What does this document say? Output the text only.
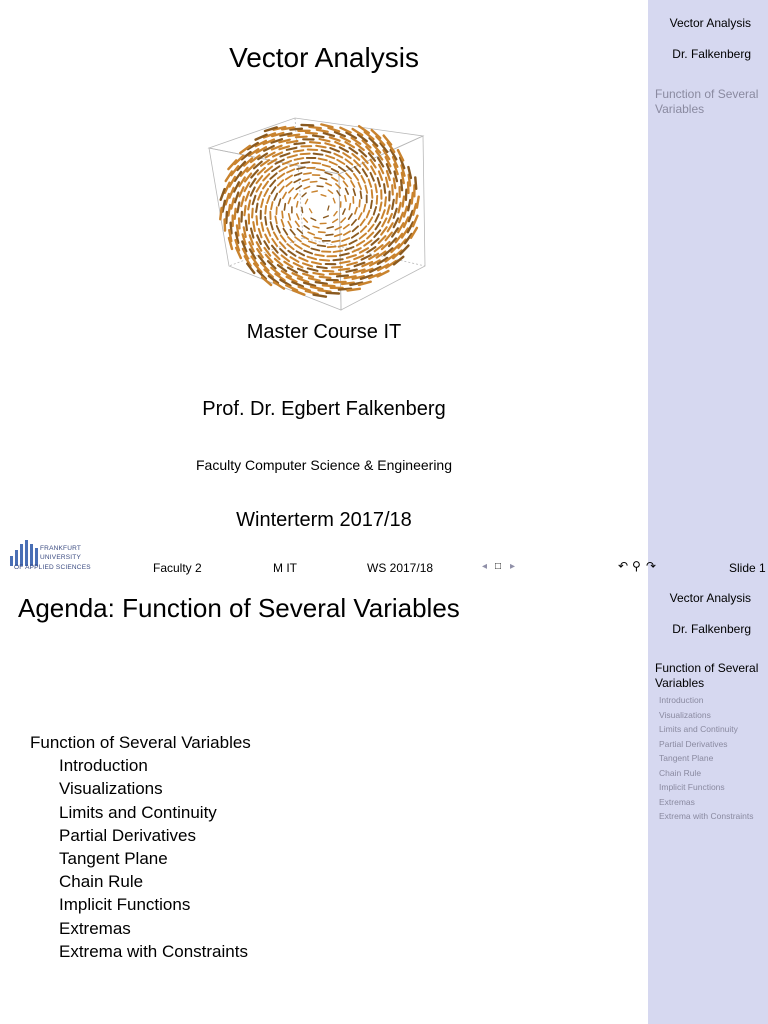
Vector Analysis
Dr. Falkenberg
Function of Several Variables
Vector Analysis
Master Course IT
Prof. Dr. Egbert Falkenberg
Faculty Computer Science & Engineering
Winterterm 2017/18
FRANKFURT
UNIVERSITY
OF APPLIED SCIENCES	Faculty 2	M IT	WS 2017/18	◂ □ ▸	↶ ⚲ ↷	Slide 1
Vector Analysis
Dr. Falkenberg
Function of Several Variables
Introduction
Visualizations
Limits and Continuity
Partial Derivatives
Tangent Plane
Chain Rule
Implicit Functions
Extremas
Extrema with Constraints
Agenda: Function of Several Variables
Function of Several Variables
Introduction
Visualizations
Limits and Continuity
Partial Derivatives
Tangent Plane
Chain Rule
Implicit Functions
Extremas
Extrema with Constraints
